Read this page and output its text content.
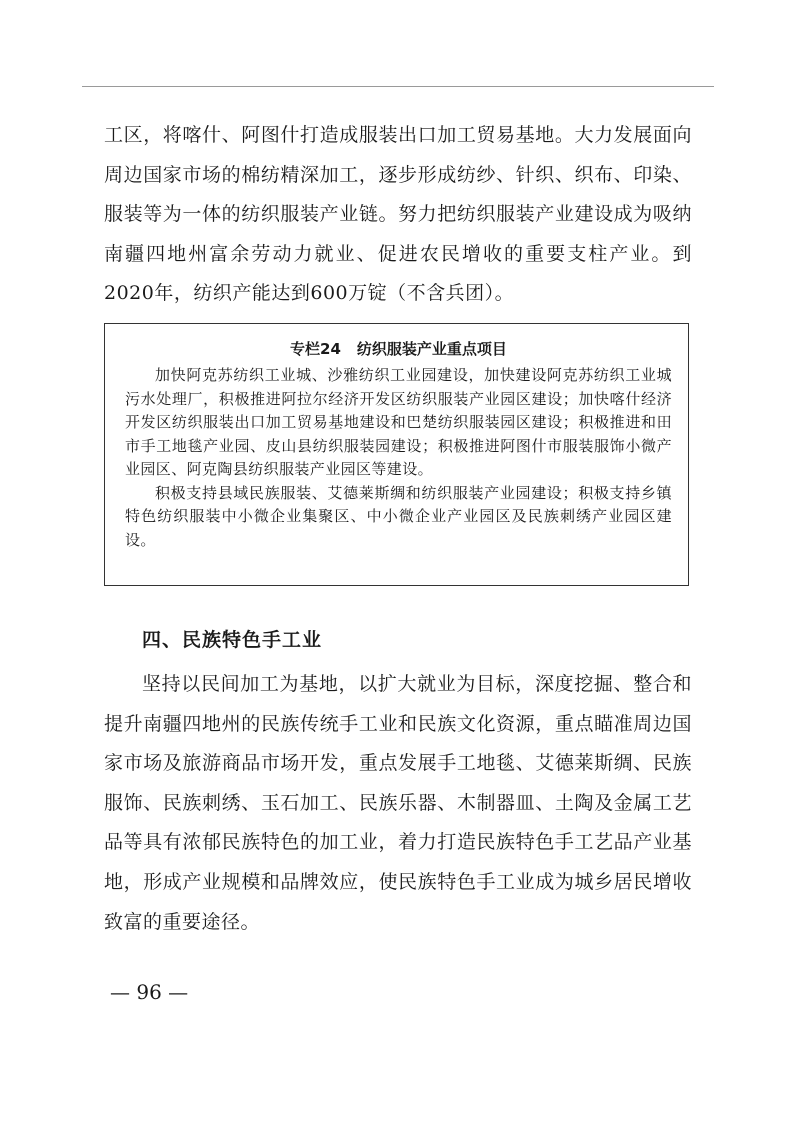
工区，将喀什、阿图什打造成服装出口加工贸易基地。大力发展面向周边国家市场的棉纺精深加工，逐步形成纺纱、针织、织布、印染、服装等为一体的纺织服装产业链。努力把纺织服装产业建设成为吸纳南疆四地州富余劳动力就业、促进农民增收的重要支柱产业。到2020年，纺织产能达到600万锭（不含兵团）。

专栏24 纺织服装产业重点项目

加快阿克苏纺织工业城、沙雅纺织工业园建设，加快建设阿克苏纺织工业城污水处理厂，积极推进阿拉尔经济开发区纺织服装产业园区建设；加快喀什经济开发区纺织服装出口加工贸易基地建设和巴楚纺织服装园区建设；积极推进和田市手工地毯产业园、皮山县纺织服装园建设；积极推进阿图什市服装服饰小微产业园区、阿克陶县纺织服装产业园区等建设。

积极支持县域民族服装、艾德莱斯绸和纺织服装产业园建设；积极支持乡镇特色纺织服装中小微企业集聚区、中小微企业产业园区及民族刺绣产业园区建设。

四、民族特色手工业

坚持以民间加工为基地，以扩大就业为目标，深度挖掘、整合和提升南疆四地州的民族传统手工业和民族文化资源，重点瞄准周边国家市场及旅游商品市场开发，重点发展手工地毯、艾德莱斯绸、民族服饰、民族刺绣、玉石加工、民族乐器、木制器皿、土陶及金属工艺品等具有浓郁民族特色的加工业，着力打造民族特色手工艺品产业基地，形成产业规模和品牌效应，使民族特色手工业成为城乡居民增收致富的重要途径。

— 96 —
